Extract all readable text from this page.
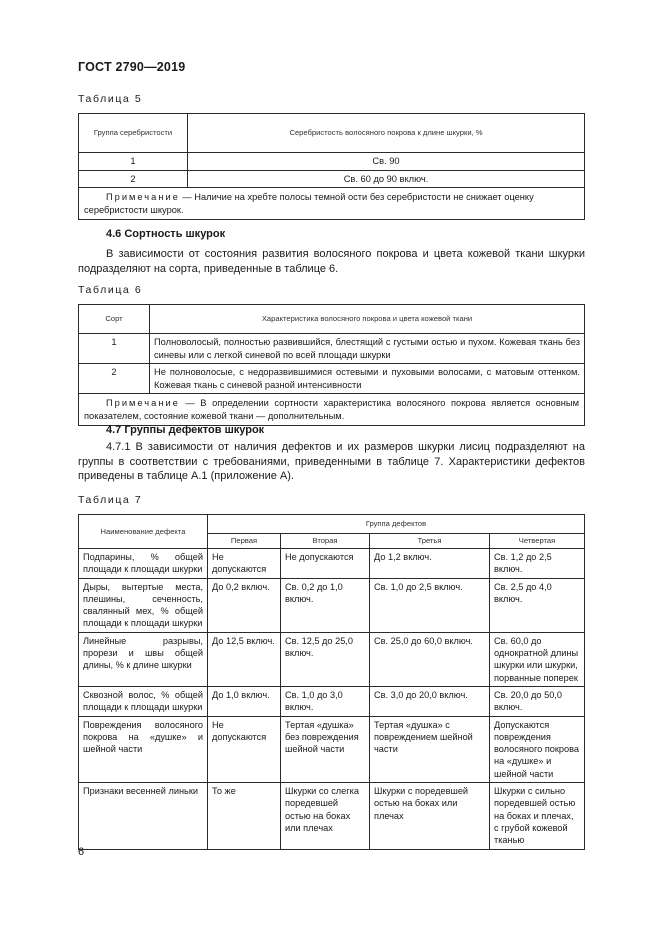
ГОСТ 2790—2019
Таблица 5
Группа серебристости	Серебристость волосяного покрова к длине шкурки, %
1	Св. 90
2	Св. 60 до 90 включ.
Примечание — Наличие на хребте полосы темной ости без серебристости не снижает оценку серебристости шкурок.	
4.6 Сортность шкурок
В зависимости от состояния развития волосяного покрова и цвета кожевой ткани шкурки подразделяют на сорта, приведенные в таблице 6.
Таблица 6
Сорт	Характеристика волосяного покрова и цвета кожевой ткани
1	Полноволосый, полностью развившийся, блестящий с густыми остью и пухом. Кожевая ткань без синевы или с легкой синевой по всей площади шкурки
2	Не полноволосые, с недоразвившимися остевыми и пуховыми волосами, с матовым оттенком. Кожевая ткань с синевой разной интенсивности
Примечание — В определении сортности характеристика волосяного покрова является основным показателем, состояние кожевой ткани — дополнительным.	
4.7 Группы дефектов шкурок
4.7.1 В зависимости от наличия дефектов и их размеров шкурки лисиц подразделяют на группы в соответствии с требованиями, приведенными в таблице 7. Характеристики дефектов приведены в таблице А.1 (приложение А).
Таблица 7
Наименование дефекта	Группа дефектов			
	Первая	Вторая	Третья	Четвертая
Подпарины, % общей площади к площади шкурки	Не допускаются	Не допускаются	До 1,2 включ.	Св. 1,2 до 2,5 включ.
Дыры, вытертые места, плешины, сеченность, свалянный мех, % общей площади к площади шкурки	До 0,2 включ.	Св. 0,2 до 1,0 включ.	Св. 1,0 до 2,5 включ.	Св. 2,5 до 4,0 включ.
Линейные разрывы, прорези и швы общей длины, % к длине шкурки	До 12,5 включ.	Св. 12,5 до 25,0 включ.	Св. 25,0 до 60,0 включ.	Св. 60,0 до однократной длины шкурки или шкурки, порванные поперек
Сквозной волос, % общей площади к площади шкурки	До 1,0 включ.	Св. 1,0 до 3,0 включ.	Св. 3,0 до 20,0 включ.	Св. 20,0 до 50,0 включ.
Повреждения волосяного покрова на «душке» и шейной части	Не допускаются	Тертая «душка» без повреждения шейной части	Тертая «душка» с повреждением шейной части	Допускаются повреждения волосяного покрова на «душке» и шейной части
Признаки весенней линьки	То же	Шкурки со слегка поредевшей остью на боках или плечах	Шкурки с поредевшей остью на боках или плечах	Шкурки с сильно поредевшей остью на боках и плечах, с грубой кожевой тканью
6
